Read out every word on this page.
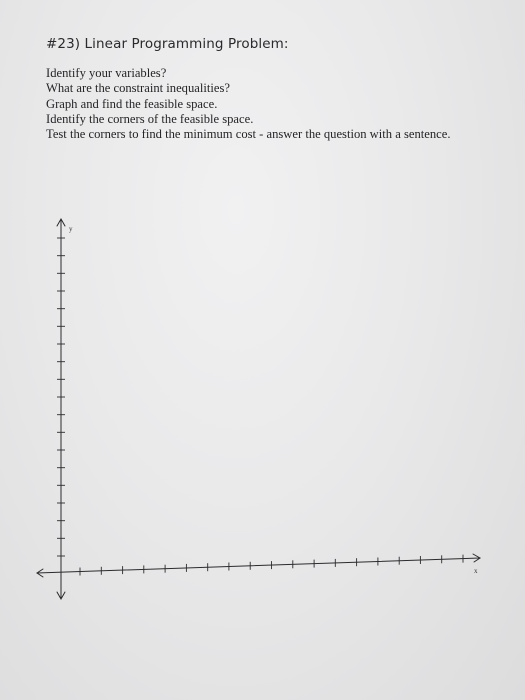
#23) Linear Programming Problem:
Identify your variables?
What are the constraint inequalities?
Graph and find the feasible space.
Identify the corners of the feasible space.
Test the corners to find the minimum cost - answer the question with a sentence.
y
x
